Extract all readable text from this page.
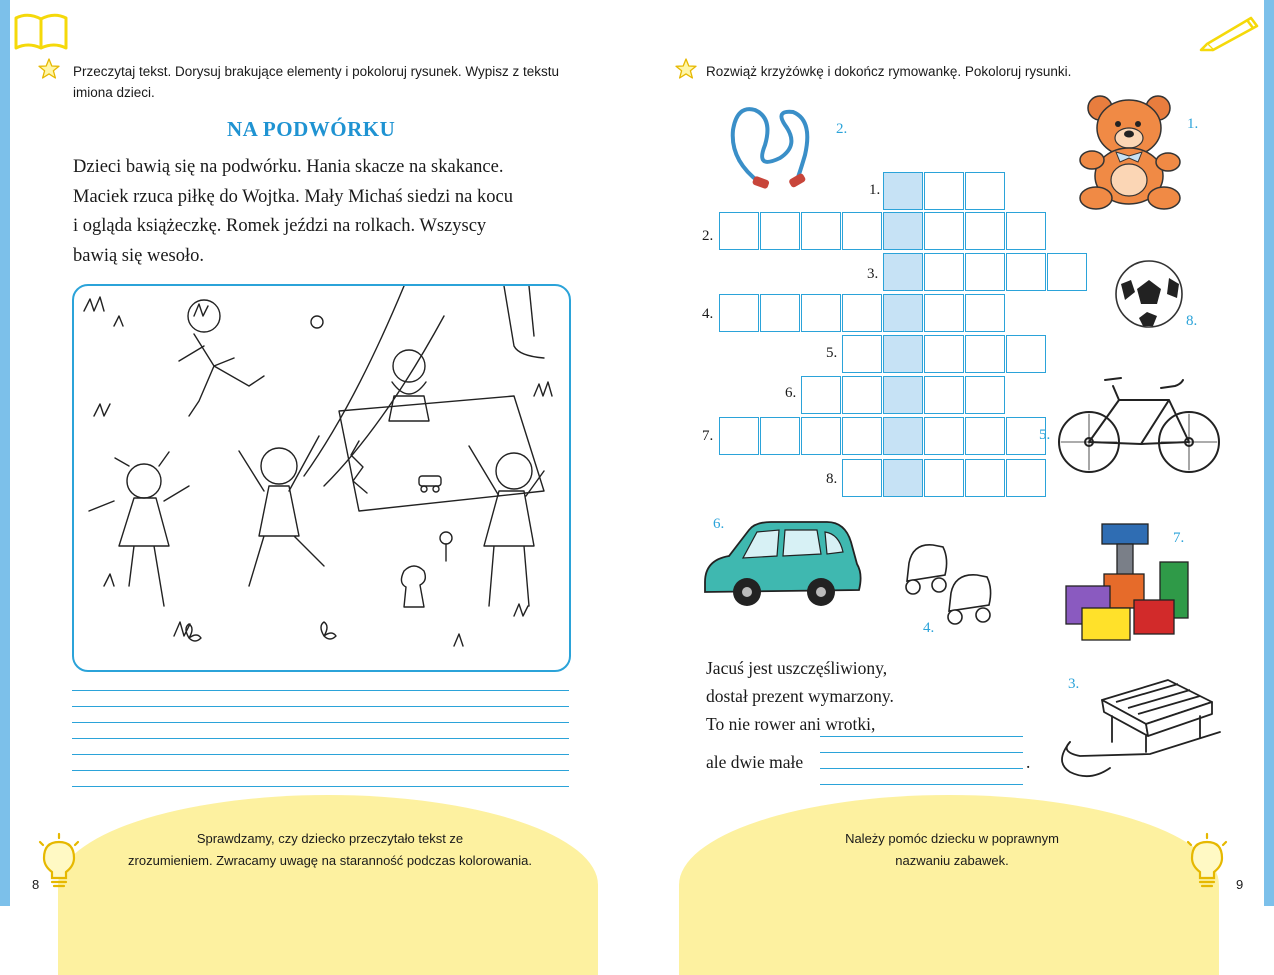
Przeczytaj tekst. Dorysuj brakujące elementy i pokoloruj rysunek. Wypisz z tekstu
imiona dzieci.
NA PODWÓRKU
Dzieci bawią się na podwórku. Hania skacze na skakance.
Maciek rzuca piłkę do Wojtka. Mały Michaś siedzi na kocu
i ogląda książeczkę. Romek jeździ na rolkach. Wszyscy
bawią się wesoło.
Sprawdzamy, czy dziecko przeczytało tekst ze
zrozumieniem. Zwracamy uwagę na staranność podczas kolorowania.
8
Rozwiąż krzyżówkę i dokończ rymowankę. Pokoloruj rysunki.
1.
2.
3.
4.
5.
6.
7.
8.
2.	1.
8.
5.
6.
4.
7.
Jacuś jest uszczęśliwiony,
dostał prezent wymarzony.
To nie rower ani wrotki,
ale dwie małe	.
3.
Należy pomóc dziecku w poprawnym
nazwaniu zabawek.
9
